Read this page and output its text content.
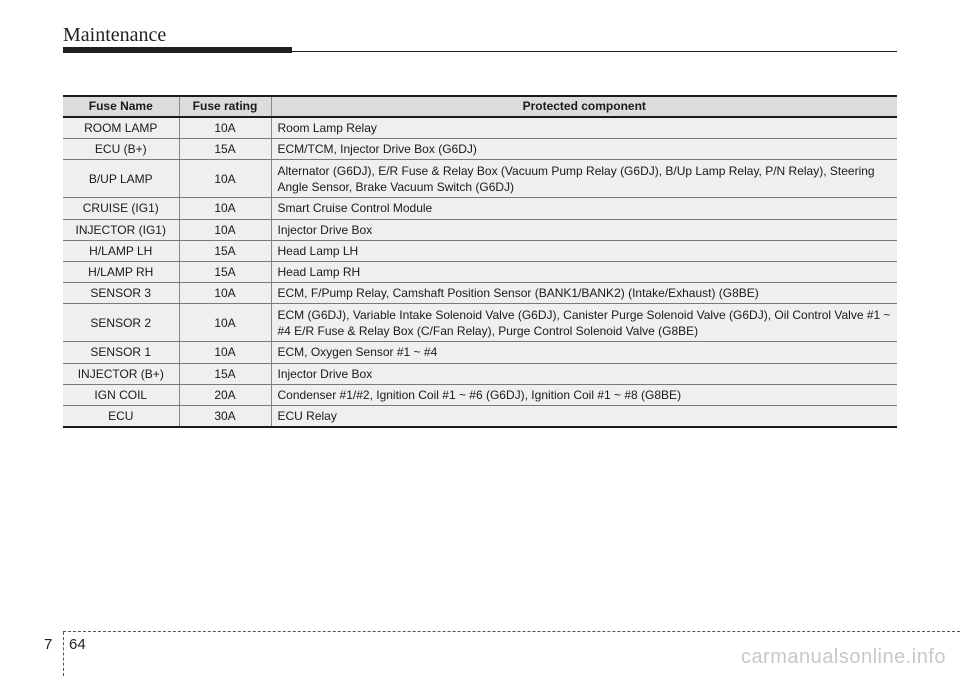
Maintenance
Fuse Name	Fuse rating	Protected component
ROOM LAMP	10A	Room Lamp Relay
ECU (B+)	15A	ECM/TCM, Injector Drive Box (G6DJ)
B/UP LAMP	10A	Alternator (G6DJ), E/R Fuse & Relay Box (Vacuum Pump Relay (G6DJ), B/Up Lamp Relay, P/N Relay), Steering Angle Sensor, Brake Vacuum Switch (G6DJ)
CRUISE (IG1)	10A	Smart Cruise Control Module
INJECTOR (IG1)	10A	Injector Drive Box
H/LAMP LH	15A	Head Lamp LH
H/LAMP RH	15A	Head Lamp RH
SENSOR 3	10A	ECM, F/Pump Relay, Camshaft Position Sensor (BANK1/BANK2) (Intake/Exhaust) (G8BE)
SENSOR 2	10A	ECM (G6DJ), Variable Intake Solenoid Valve (G6DJ), Canister Purge Solenoid Valve (G6DJ), Oil Control Valve #1 ~ #4 E/R Fuse & Relay Box (C/Fan Relay), Purge Control Solenoid Valve (G8BE)
SENSOR 1	10A	ECM, Oxygen Sensor #1 ~ #4
INJECTOR (B+)	15A	Injector Drive Box
IGN COIL	20A	Condenser #1/#2, Ignition Coil #1 ~ #6 (G6DJ), Ignition Coil #1 ~ #8 (G8BE)
ECU	30A	ECU Relay
7 64
carmanualsonline.info
